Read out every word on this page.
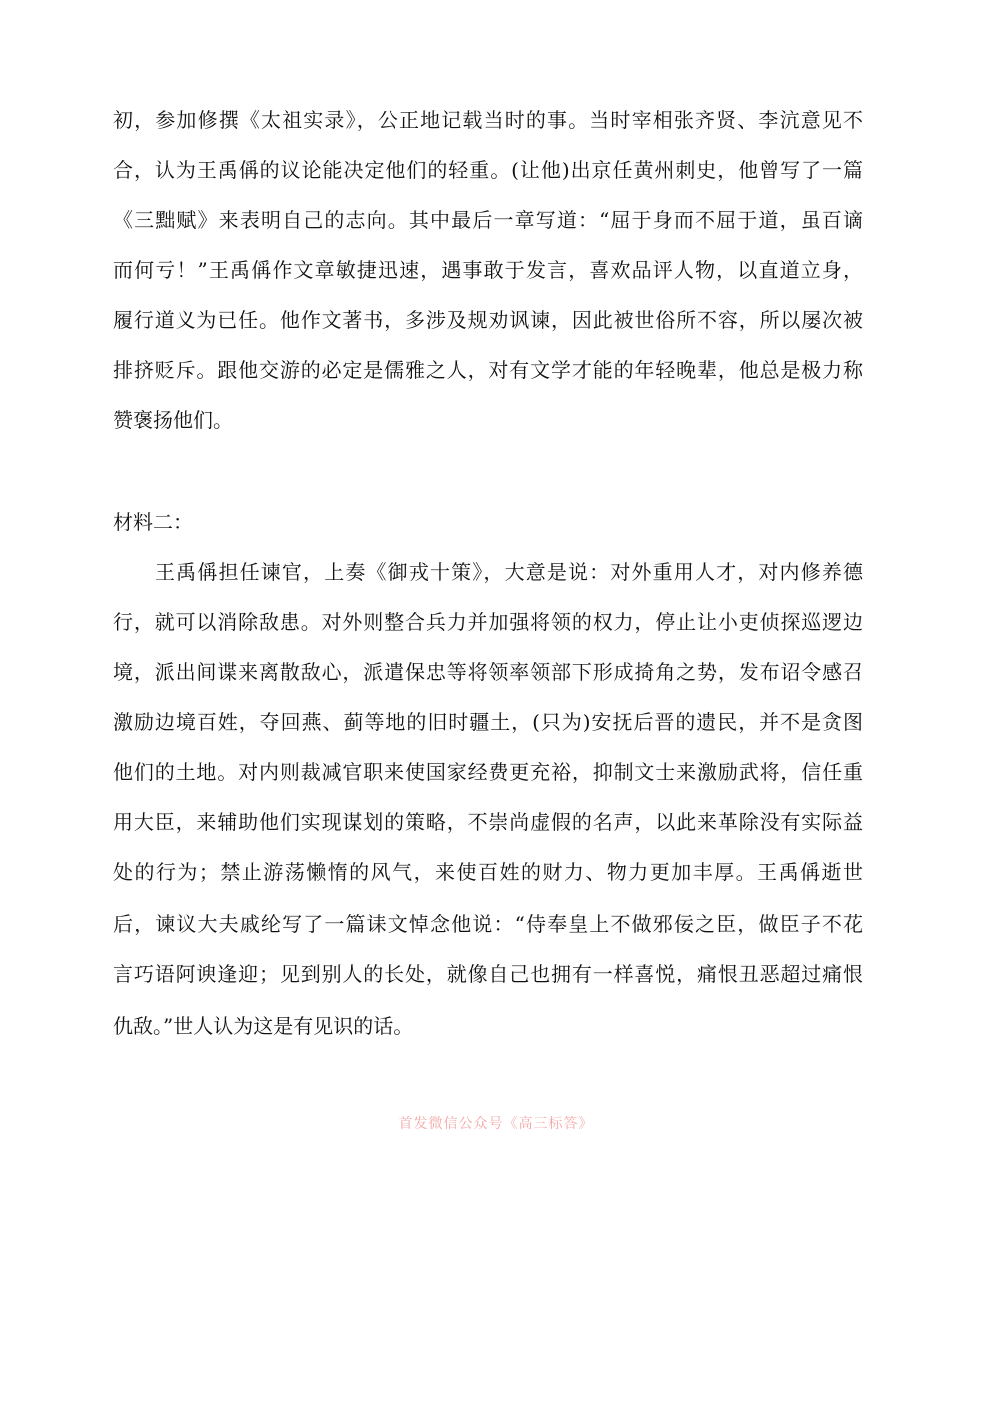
初，参加修撰《太祖实录》，公正地记载当时的事。当时宰相张齐贤、李沆意见不
合，认为王禹偁的议论能决定他们的轻重。(让他)出京任黄州刺史，他曾写了一篇
《三黜赋》来表明自己的志向。其中最后一章写道：“屈于身而不屈于道，虽百谪
而何亏！”王禹偁作文章敏捷迅速，遇事敢于发言，喜欢品评人物，以直道立身，
履行道义为已任。他作文著书，多涉及规劝讽谏，因此被世俗所不容，所以屡次被
排挤贬斥。跟他交游的必定是儒雅之人，对有文学才能的年轻晚辈，他总是极力称
赞褒扬他们。
材料二：
王禹偁担任谏官，上奏《御戎十策》，大意是说：对外重用人才，对内修养德
行，就可以消除敌患。对外则整合兵力并加强将领的权力，停止让小吏侦探巡逻边
境，派出间谍来离散敌心，派遣保忠等将领率领部下形成掎角之势，发布诏令感召
激励边境百姓，夺回燕、蓟等地的旧时疆土，(只为)安抚后晋的遗民，并不是贪图
他们的土地。对内则裁减官职来使国家经费更充裕，抑制文士来激励武将，信任重
用大臣，来辅助他们实现谋划的策略，不崇尚虚假的名声，以此来革除没有实际益
处的行为；禁止游荡懒惰的风气，来使百姓的财力、物力更加丰厚。王禹偁逝世
后，谏议大夫戚纶写了一篇诔文悼念他说：“侍奉皇上不做邪佞之臣，做臣子不花
言巧语阿谀逢迎；见到别人的长处，就像自己也拥有一样喜悦，痛恨丑恶超过痛恨
仇敌。”世人认为这是有见识的话。
首发微信公众号《高三标答》
